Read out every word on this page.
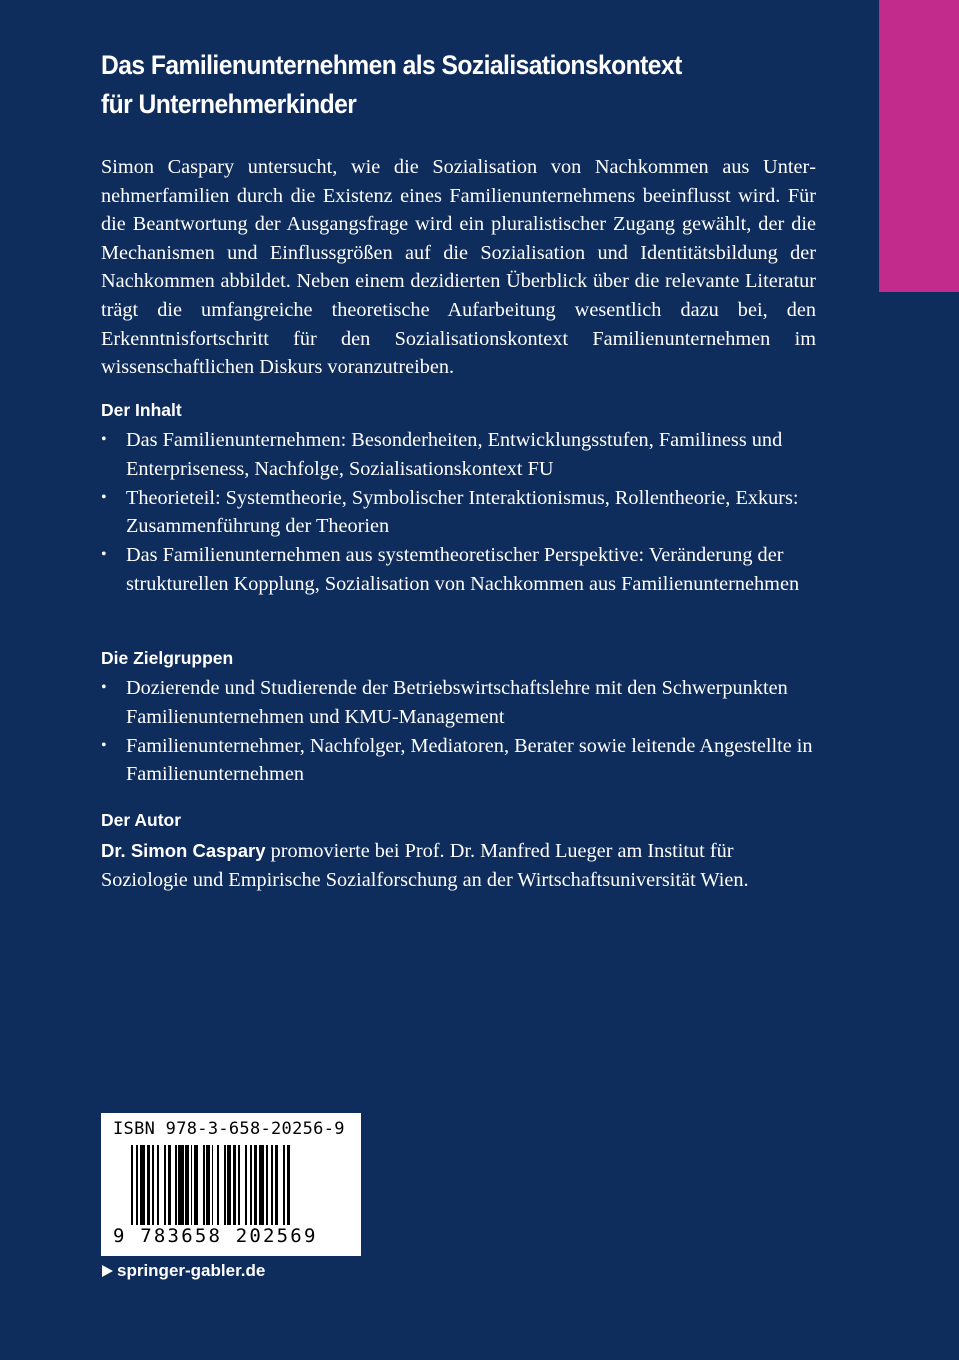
Das Familienunternehmen als Sozialisationskontext
für Unternehmerkinder

Simon Caspary untersucht, wie die Sozialisation von Nachkommen aus Unternehmerfamilien durch die Existenz eines Familienunternehmens beeinflusst wird. Für die Beantwortung der Ausgangsfrage wird ein pluralistischer Zugang gewählt, der die Mechanismen und Einflussgrößen auf die Sozialisation und Identitätsbildung der Nachkommen abbildet. Neben einem dezidierten Überblick über die relevante Literatur trägt die umfangreiche theoretische Aufarbeitung wesentlich dazu bei, den Erkenntnisfortschritt für den Sozialisationskontext Familienunternehmen im wissenschaftlichen Diskurs voranzutreiben.

Der Inhalt
• Das Familienunternehmen: Besonderheiten, Entwicklungsstufen, Familiness und Enterpriseness, Nachfolge, Sozialisationskontext FU
• Theorieteil: Systemtheorie, Symbolischer Interaktionismus, Rollentheorie, Exkurs: Zusammenführung der Theorien
• Das Familienunternehmen aus systemtheoretischer Perspektive: Veränderung der strukturellen Kopplung, Sozialisation von Nachkommen aus Familienunternehmen
Die Zielgruppen
• Dozierende und Studierende der Betriebswirtschaftslehre mit den Schwerpunkten Familienunternehmen und KMU-Management
• Familienunternehmer, Nachfolger, Mediatoren, Berater sowie leitende Angestellte in Familienunternehmen
Der Autor

Dr. Simon Caspary promovierte bei Prof. Dr. Manfred Lueger am Institut für Soziologie und Empirische Sozialforschung an der Wirtschaftsuniversität Wien.

ISBN 978-3-658-20256-9
9 783658 202569
springer-gabler.de
